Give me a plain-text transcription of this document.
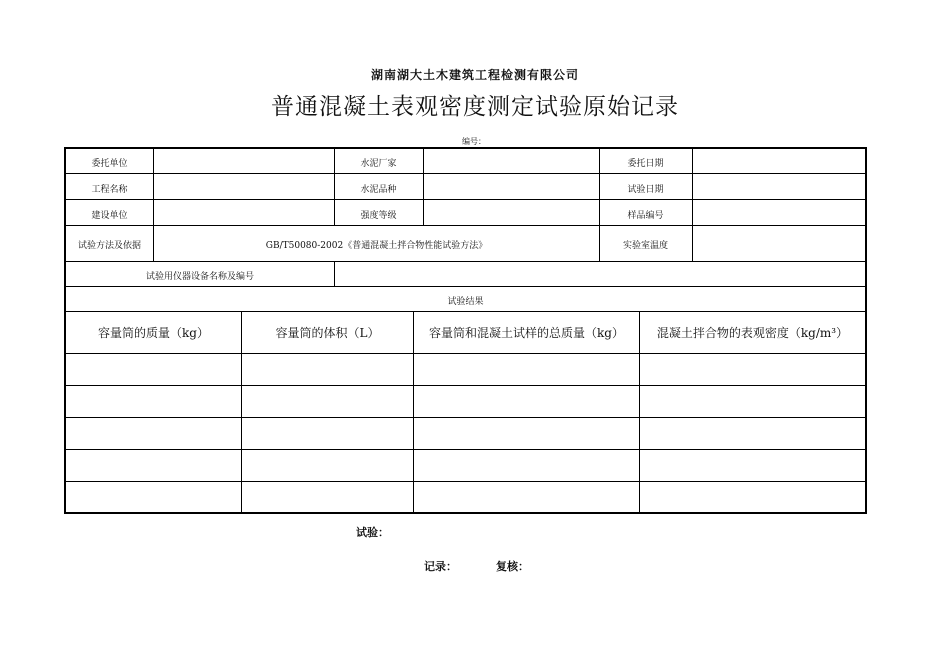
湖南湖大土木建筑工程检测有限公司
普通混凝土表观密度测定试验原始记录
编号：
委托单位	水泥厂家	委托日期
工程名称	水泥品种	试验日期
建设单位	强度等级	样品编号
试验方法及依据	GB/T50080-2002《普通混凝土拌合物性能试验方法》	实验室温度
试验用仪器设备名称及编号
试验结果
容量筒的质量（kg）	容量筒的体积（L）	容量筒和混凝土试样的总质量（kg）	混凝土拌合物的表观密度（kg/m³）
试验：
记录：	复核：
